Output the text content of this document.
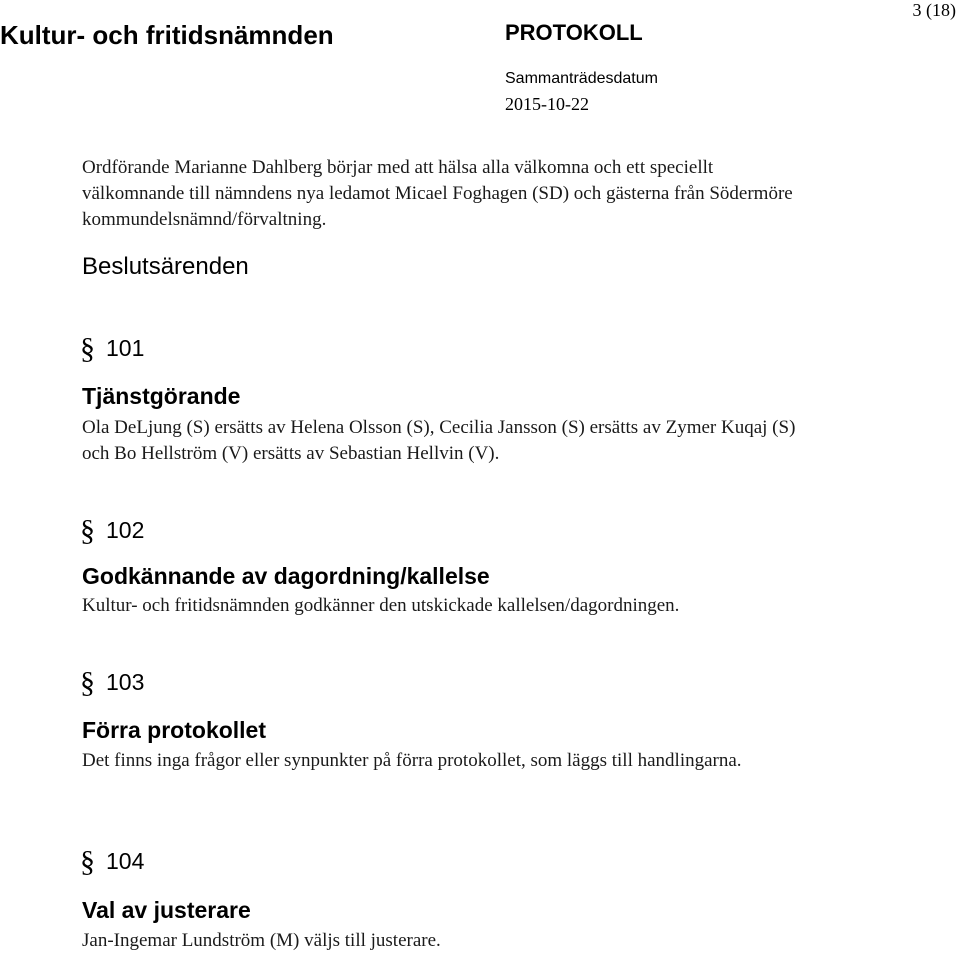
Kultur- och fritidsnämnden	PROTOKOLL
3 (18)
Sammanträdesdatum
2015-10-22
Ordförande Marianne Dahlberg börjar med att hälsa alla välkomna och ett speciellt välkomnande till nämndens nya ledamot Micael Foghagen (SD) och gästerna från Södermöre kommundelsnämnd/förvaltning.
Beslutsärenden
§ 101
Tjänstgörande
Ola DeLjung (S) ersätts av Helena Olsson (S), Cecilia Jansson (S) ersätts av Zymer Kuqaj (S) och Bo Hellström (V) ersätts av Sebastian Hellvin (V).
§ 102
Godkännande av dagordning/kallelse
Kultur- och fritidsnämnden godkänner den utskickade kallelsen/dagordningen.
§ 103
Förra protokollet
Det finns inga frågor eller synpunkter på förra protokollet, som läggs till handlingarna.
§ 104
Val av justerare
Jan-Ingemar Lundström (M) väljs till justerare.
